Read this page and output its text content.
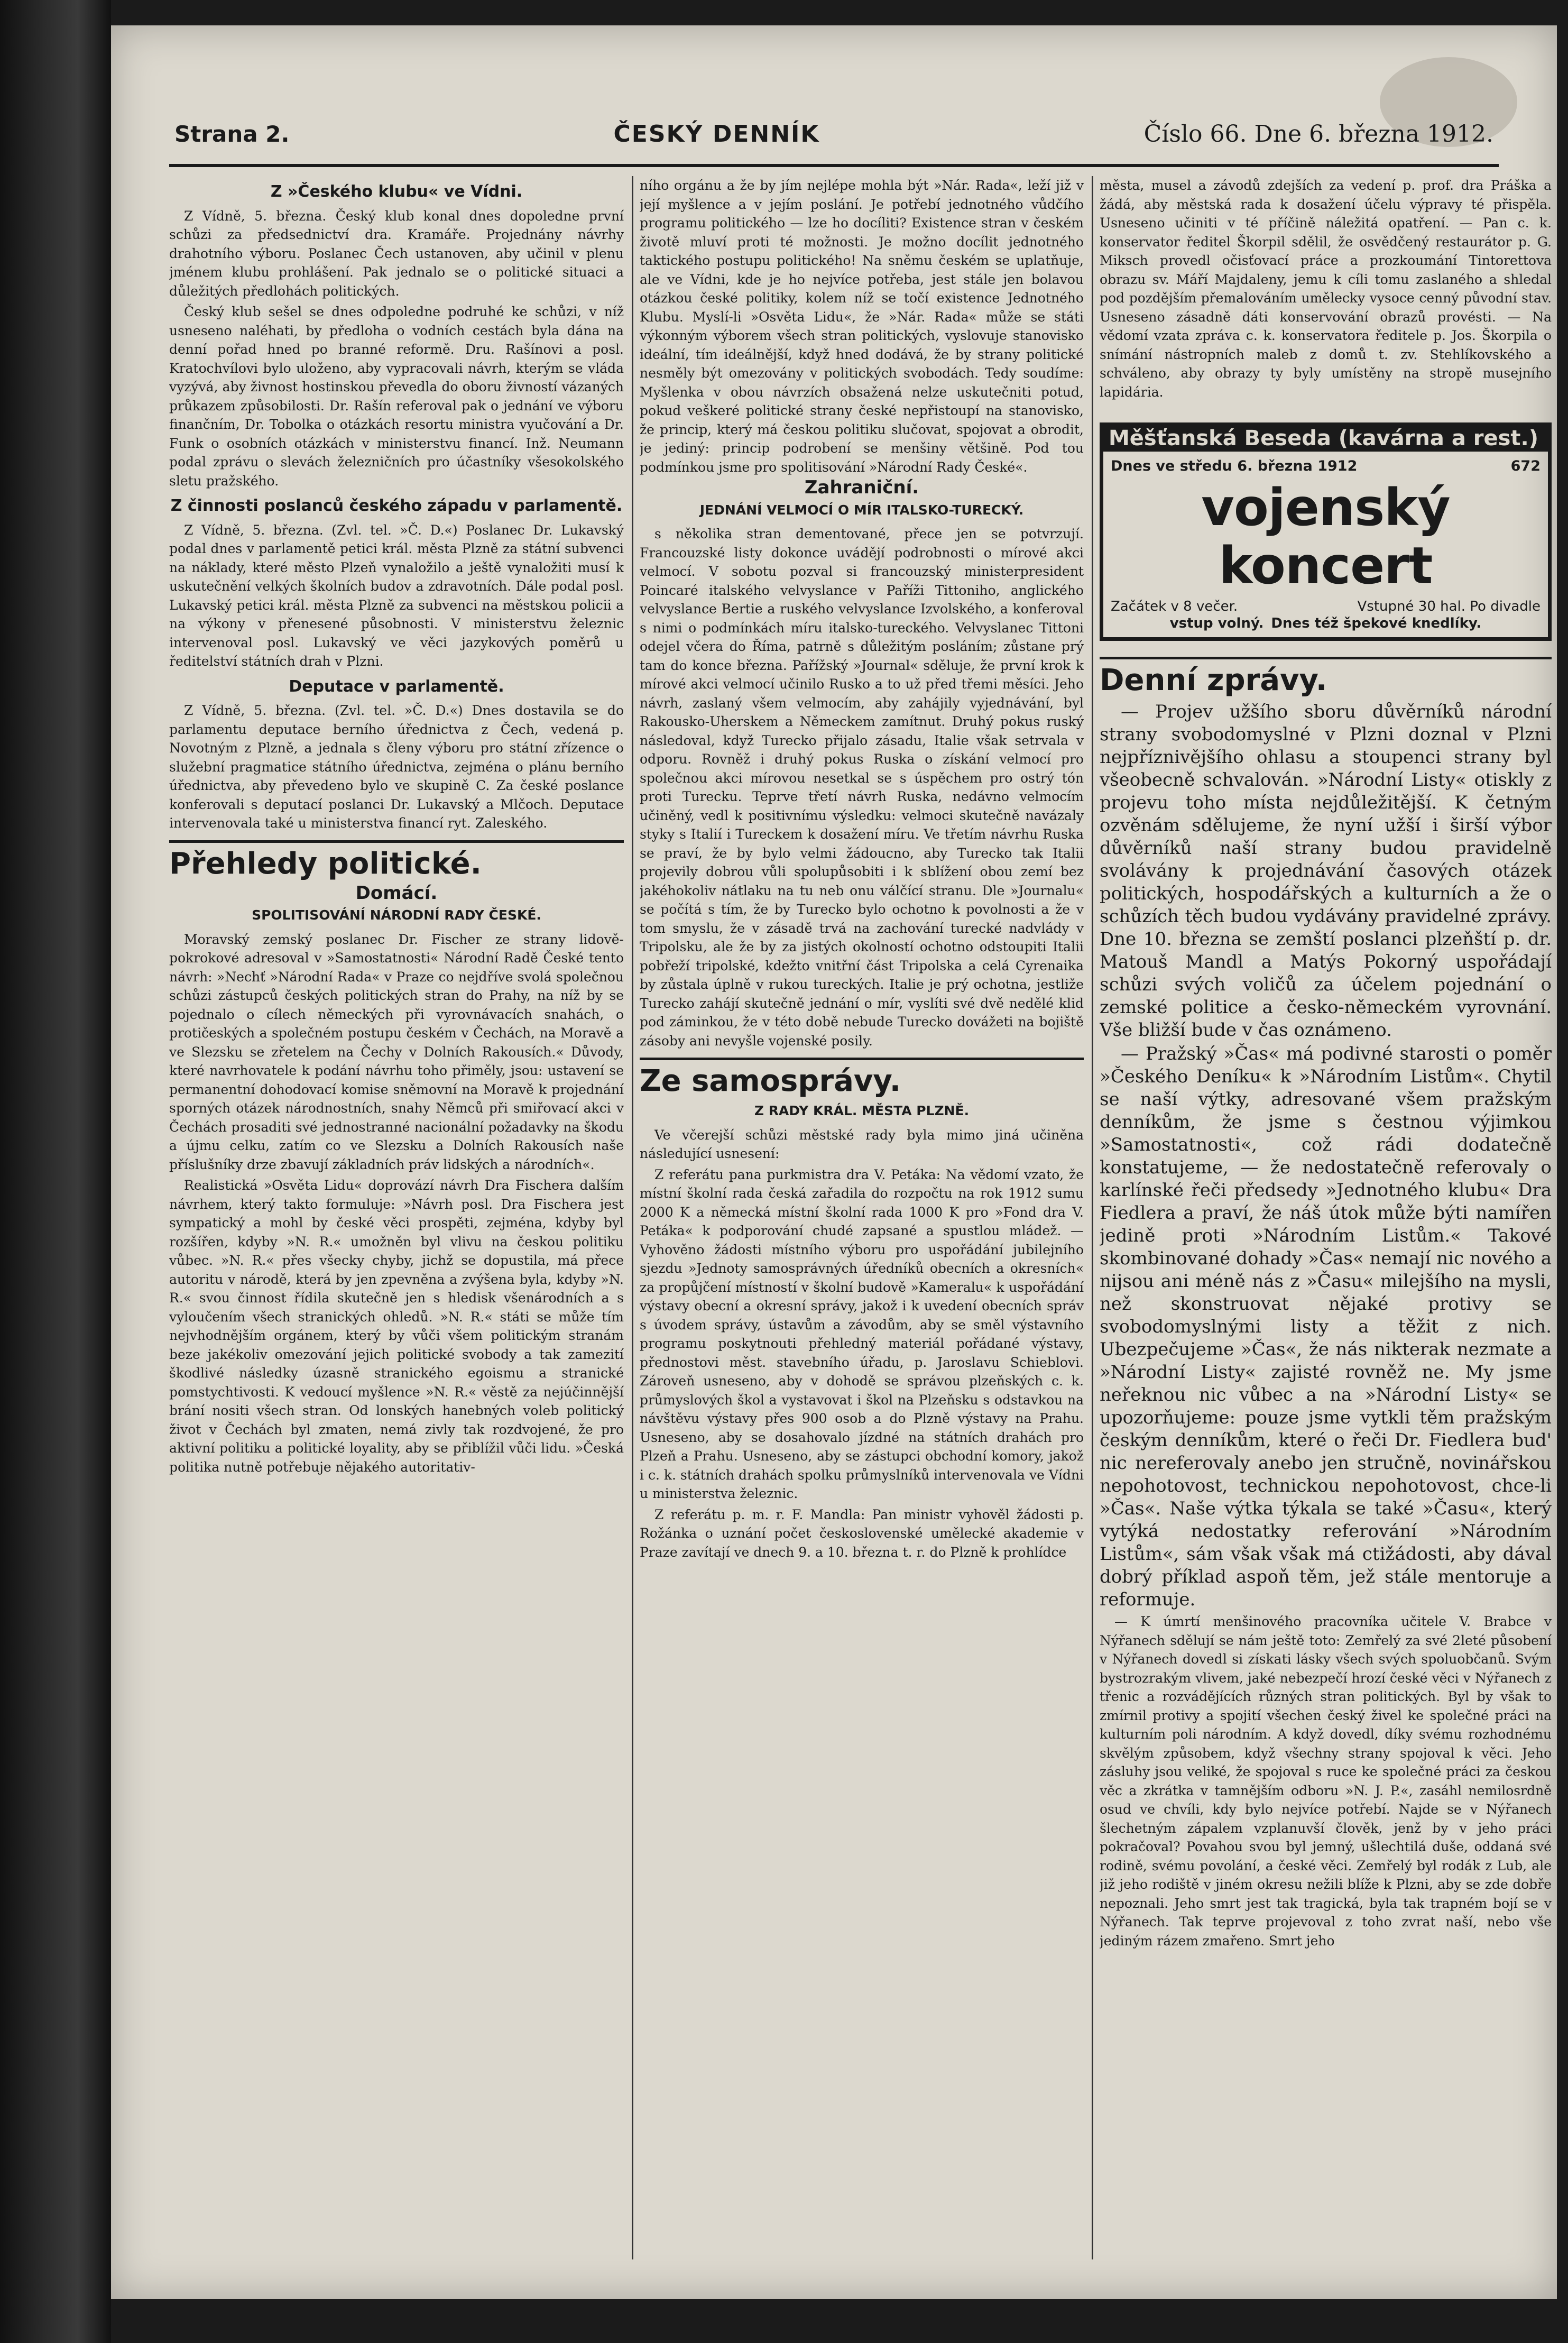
Strana 2.	ČESKÝ DENNÍK	Číslo 66. Dne 6. března 1912.
Z »Českého klubu« ve Vídni.

Z Vídně, 5. března. Český klub konal dnes dopoledne první schůzi za předsednictví dra. Kramáře. Projednány návrhy drahotního výboru. Poslanec Čech ustanoven, aby učinil v plenu jménem klubu prohlášení. Pak jednalo se o politické situaci a důležitých předlohách politických.

Český klub sešel se dnes odpoledne podruhé ke schůzi, v níž usneseno naléhati, by předloha o vodních cestách byla dána na denní pořad hned po branné reformě. Dru. Rašínovi a posl. Kratochvílovi bylo uloženo, aby vypracovali návrh, kterým se vláda vyzývá, aby živnost hostinskou převedla do oboru živností vázaných průkazem způsobilosti. Dr. Rašín referoval pak o jednání ve výboru finančním, Dr. Tobolka o otázkách resortu ministra vyučování a Dr. Funk o osobních otázkách v ministerstvu financí. Inž. Neumann podal zprávu o slevách železničních pro účastníky všesokolského sletu pražského.

Z činnosti poslanců českého západu v parlamentě.

Z Vídně, 5. března. (Zvl. tel. »Č. D.«) Poslanec Dr. Lukavský podal dnes v parlamentě petici král. města Plzně za státní subvenci na náklady, které město Plzeň vynaložilo a ještě vynaložiti musí k uskutečnění velkých školních budov a zdravotních. Dále podal posl. Lukavský petici král. města Plzně za subvenci na městskou policii a na výkony v přenesené působnosti. V ministerstvu železnic intervenoval posl. Lukavský ve věci jazykových poměrů u ředitelství státních drah v Plzni.

Deputace v parlamentě.

Z Vídně, 5. března. (Zvl. tel. »Č. D.«) Dnes dostavila se do parlamentu deputace berního úřednictva z Čech, vedená p. Novotným z Plzně, a jednala s členy výboru pro státní zřízence o služební pragmatice státního úřednictva, zejména o plánu berního úřednictva, aby převedeno bylo ve skupině C. Za české poslance konferovali s deputací poslanci Dr. Lukavský a Mlčoch. Deputace intervenovala také u ministerstva financí ryt. Zaleského.

Přehledy politické.
Domácí.
SPOLITISOVÁNÍ NÁRODNÍ RADY ČESKÉ.

Moravský zemský poslanec Dr. Fischer ze strany lidově-pokrokové adresoval v »Samostatnosti« Národní Radě České tento návrh: »Nechť »Národní Rada« v Praze co nejdříve svolá společnou schůzi zástupců českých politických stran do Prahy, na níž by se pojednalo o cílech německých při vyrovnávacích snahách, o protičeských a společném postupu českém v Čechách, na Moravě a ve Slezsku se zřetelem na Čechy v Dolních Rakousích.« Důvody, které navrhovatele k podání návrhu toho přiměly, jsou: ustavení se permanentní dohodovací komise sněmovní na Moravě k projednání sporných otázek národnostních, snahy Němců při smiřovací akci v Čechách prosaditi své jednostranné nacionální požadavky na škodu a újmu celku, zatím co ve Slezsku a Dolních Rakousích naše příslušníky drze zbavují základních práv lidských a národních«.

Realistická »Osvěta Lidu« doprovází návrh Dra Fischera dalším návrhem, který takto formuluje: »Návrh posl. Dra Fischera jest sympatický a mohl by české věci prospěti, zejména, kdyby byl rozšířen, kdyby »N. R.« umožněn byl vlivu na českou politiku vůbec. »N. R.« přes všecky chyby, jichž se dopustila, má přece autoritu v národě, která by jen zpevněna a zvýšena byla, kdyby »N. R.« svou činnost řídila skutečně jen s hledisk všenárodních a s vyloučením všech stranických ohledů. »N. R.« státi se může tím nejvhodnějším orgánem, který by vůči všem politickým stranám beze jakékoliv omezování jejich politické svobody a tak zamezití škodlivé následky úzasně stranického egoismu a stranické pomstychtivosti. K vedoucí myšlence »N. R.« věstě za nejúčinnější brání nositi všech stran. Od lonských hanebných voleb politický život v Čechách byl zmaten, nemá zivly tak rozdvojené, že pro aktivní politiku a politické loyality, aby se přiblížil vůči lidu. »Česká politika nutně potřebuje nějakého autoritativ-

ního orgánu a že by jím nejlépe mohla být »Nár. Rada«, leží již v její myšlence a v jejím poslání. Je potřebí jednotného vůdčího programu politického — lze ho docíliti? Existence stran v českém životě mluví proti té možnosti. Je možno docílit jednotného taktického postupu politického! Na sněmu českém se uplatňuje, ale ve Vídni, kde je ho nejvíce potřeba, jest stále jen bolavou otázkou české politiky, kolem níž se točí existence Jednotného Klubu. Myslí-li »Osvěta Lidu«, že »Nár. Rada« může se státi výkonným výborem všech stran politických, vyslovuje stanovisko ideální, tím ideálnější, když hned dodává, že by strany politické nesměly být omezovány v politických svobodách. Tedy soudíme: Myšlenka v obou návrzích obsažená nelze uskutečniti potud, pokud veškeré politické strany české nepřistoupí na stanovisko, že princip, který má českou politiku slučovat, spojovat a obrodit, je jediný: princip podrobení se menšiny většině. Pod tou podmínkou jsme pro spolitisování »Národní Rady České«.

Zahraniční.
JEDNÁNÍ VELMOCÍ O MÍR ITALSKO-TURECKÝ.

s několika stran dementované, přece jen se potvrzují. Francouzské listy dokonce uvádějí podrobnosti o mírové akci velmocí. V sobotu pozval si francouzský ministerpresident Poincaré italského velvyslance v Paříži Tittoniho, anglického velvyslance Bertie a ruského velvyslance Izvolského, a konferoval s nimi o podmínkách míru italsko-tureckého. Velvyslanec Tittoni odejel včera do Říma, patrně s důležitým posláním; zůstane prý tam do konce března. Pařížský »Journal« sděluje, že první krok k mírové akci velmocí učinilo Rusko a to už před třemi měsíci. Jeho návrh, zaslaný všem velmocím, aby zahájily vyjednávání, byl Rakousko-Uherskem a Německem zamítnut. Druhý pokus ruský následoval, když Turecko přijalo zásadu, Italie však setrvala v odporu. Rovněž i druhý pokus Ruska o získání velmocí pro společnou akci mírovou nesetkal se s úspěchem pro ostrý tón proti Turecku. Teprve třetí návrh Ruska, nedávno velmocím učiněný, vedl k positivnímu výsledku: velmoci skutečně navázaly styky s Italií i Tureckem k dosažení míru. Ve třetím návrhu Ruska se praví, že by bylo velmi žádoucno, aby Turecko tak Italii projevily dobrou vůli spolupůsobiti i k sblížení obou zemí bez jakéhokoliv nátlaku na tu neb onu válčící stranu. Dle »Journalu« se počítá s tím, že by Turecko bylo ochotno k povolnosti a že v tom smyslu, že v zásadě trvá na zachování turecké nadvlády v Tripolsku, ale že by za jistých okolností ochotno odstoupiti Italii pobřeží tripolské, kdežto vnitřní část Tripolska a celá Cyrenaika by zůstala úplně v rukou tureckých. Italie je prý ochotna, jestliže Turecko zahájí skutečně jednání o mír, vyslíti své dvě nedělé klid pod záminkou, že v této době nebude Turecko dovážeti na bojiště zásoby ani nevyšle vojenské posily.

Ze samosprávy.
Z RADY KRÁL. MĚSTA PLZNĚ.

Ve včerejší schůzi městské rady byla mimo jiná učiněna následující usnesení:

Z referátu pana purkmistra dra V. Petáka: Na vědomí vzato, že místní školní rada česká zařadila do rozpočtu na rok 1912 sumu 2000 K a německá místní školní rada 1000 K pro »Fond dra V. Petáka« k podporování chudé zapsané a spustlou mládež. — Vyhověno žádosti místního výboru pro uspořádání jubilejního sjezdu »Jednoty samosprávných úředníků obecních a okresních« za propůjčení místností v školní budově »Kameralu« k uspořádání výstavy obecní a okresní správy, jakož i k uvedení obecních správ s úvodem správy, ústavům a závodům, aby se směl výstavního programu poskytnouti přehledný materiál pořádané výstavy, přednostovi měst. stavebního úřadu, p. Jaroslavu Schieblovi. Zároveň usneseno, aby v dohodě se správou plzeňských c. k. průmyslových škol a vystavovat i škol na Plzeňsku s odstavkou na návštěvu výstavy přes 900 osob a do Plzně výstavy na Prahu. Usneseno, aby se dosahovalo jízdné na státních drahách pro Plzeň a Prahu. Usneseno, aby se zástupci obchodní komory, jakož i c. k. státních drahách spolku průmyslníků intervenovala ve Vídni u ministerstva železnic.

Z referátu p. m. r. F. Mandla: Pan ministr vyhověl žádosti p. Rožánka o uznání počet československé umělecké akademie v Praze zavítají ve dnech 9. a 10. března t. r. do Plzně k prohlídce

města, musel a závodů zdejších za vedení p. prof. dra Práška a žádá, aby městská rada k dosažení účelu výpravy té přispěla. Usneseno učiniti v té příčině náležitá opatření. — Pan c. k. konservator ředitel Škorpil sdělil, že osvědčený restaurátor p. G. Miksch provedl očisťovací práce a prozkoumání Tintorettova obrazu sv. Máří Majdaleny, jemu k cíli tomu zaslaného a shledal pod pozdějším přemalováním umělecky vysoce cenný původní stav. Usneseno zásadně dáti konservování obrazů provésti. — Na vědomí vzata zpráva c. k. konservatora ředitele p. Jos. Škorpila o snímání nástropních maleb z domů t. zv. Stehlíkovského a schváleno, aby obrazy ty byly umístěny na stropě musejního lapidária.

Měšťanská Beseda (kavárna a rest.)
Dnes ve středu 6. března 1912	672
vojenský koncert
Začátek v 8 večer.	Vstupné 30 hal. Po divadle
vstup volný. Dnes též špekové knedlíky.
Denní zprávy.

— Projev užšího sboru důvěrníků národní strany svobodomyslné v Plzni doznal v Plzni nejpříznivějšího ohlasu a stoupenci strany byl všeobecně schvalován. »Národní Listy« otiskly z projevu toho místa nejdůležitější. K četným ozvěnám sdělujeme, že nyní užší i širší výbor důvěrníků naší strany budou pravidelně svolávány k projednávání časových otázek politických, hospodářských a kulturních a že o schůzích těch budou vydávány pravidelné zprávy. Dne 10. března se zemští poslanci plzeňští p. dr. Matouš Mandl a Matýs Pokorný uspořádají schůzi svých voličů za účelem pojednání o zemské politice a česko-německém vyrovnání. Vše bližší bude v čas oznámeno.

— Pražský »Čas« má podivné starosti o poměr »Českého Deníku« k »Národním Listům«. Chytil se naší výtky, adresované všem pražským denníkům, že jsme s čestnou výjimkou »Samostatnosti«, což rádi dodatečně konstatujeme, — že nedostatečně referovaly o karlínské řeči předsedy »Jednotného klubu« Dra Fiedlera a praví, že náš útok může býti namířen jedině proti »Národním Listům.« Takové skombinované dohady »Čas« nemají nic nového a nijsou ani méně nás z »Času« milejšího na mysli, než skonstruovat nějaké protivy se svobodomyslnými listy a těžit z nich. Ubezpečujeme »Čas«, že nás nikterak nezmate a »Národní Listy« zajisté rovněž ne. My jsme neřeknou nic vůbec a na »Národní Listy« se upozorňujeme: pouze jsme vytkli těm pražským českým denníkům, které o řeči Dr. Fiedlera bud' nic nereferovaly anebo jen stručně, novinářskou nepohotovost, technickou nepohotovost, chce-li »Čas«. Naše výtka týkala se také »Času«, který vytýká nedostatky referování »Národním Listům«, sám však však má ctižádosti, aby dával dobrý příklad aspoň těm, jež stále mentoruje a reformuje.

— K úmrtí menšinového pracovníka učitele V. Brabce v Nýřanech sdělují se nám ještě toto: Zemřelý za své 2leté působení v Nýřanech dovedl si získati lásky všech svých spoluobčanů. Svým bystrozrakým vlivem, jaké nebezpečí hrozí české věci v Nýřanech z třenic a rozvádějících různých stran politických. Byl by však to zmírnil protivy a spojití všechen český živel ke společné práci na kulturním poli národním. A když dovedl, díky svému rozhodnému skvělým způsobem, když všechny strany spojoval k věci. Jeho zásluhy jsou veliké, že spojoval s ruce ke společné práci za českou věc a zkrátka v tamnějším odboru »N. J. P.«, zasáhl nemilosrdně osud ve chvíli, kdy bylo nejvíce potřebí. Najde se v Nýřanech šlechetným zápalem vzplanuvší člověk, jenž by v jeho práci pokračoval? Povahou svou byl jemný, ušlechtilá duše, oddaná své rodině, svému povolání, a české věci. Zemřelý byl rodák z Lub, ale již jeho rodiště v jiném okresu nežili blíže k Plzni, aby se zde dobře nepoznali. Jeho smrt jest tak tragická, byla tak trapném bojí se v Nýřanech. Tak teprve projevoval z toho zvrat naší, nebo vše jediným rázem zmařeno. Smrt jeho
